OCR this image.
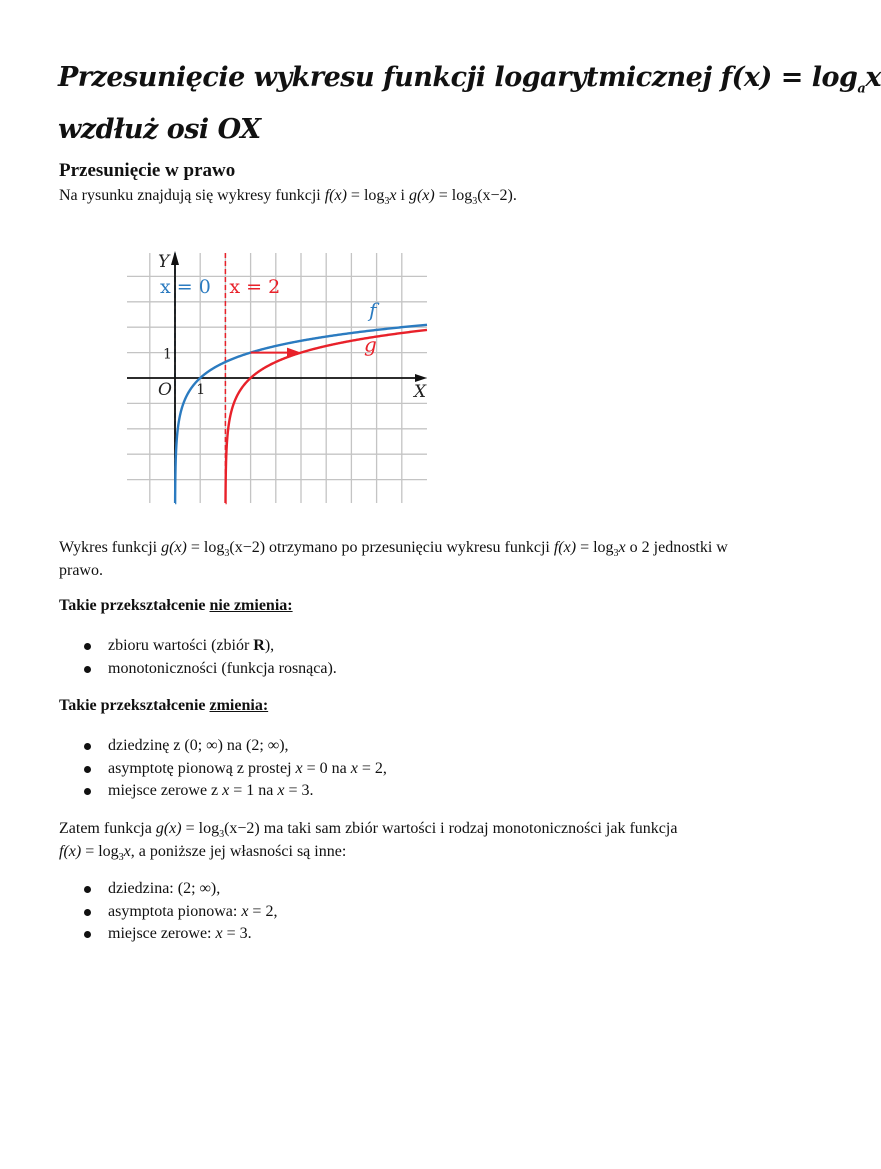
Przesunięcie wykresu funkcji logarytmicznej $f(x) = \log_ax$
wzdłuż osi OX
Przesunięcie w prawo
Na rysunku znajdują się wykresy funkcji $f(x) = \log_3x$ i $g(x) = \log_3(x-2)$.
Y
X
O 1
1
x = 0 x = 2
f
g
Wykres funkcji $g(x) = \log_3(x-2)$ otrzymano po przesunięciu wykresu funkcji $f(x) = \log_3x$ o 2 jednostki w
prawo.
Takie przekształcenie nie zmienia:
zbioru wartości (zbiór R),
monotoniczności (funkcja rosnąca).
Takie przekształcenie zmienia:
dziedzinę z (0; ∞) na (2; ∞),
asymptotę pionową z prostej x = 0 na x = 2,
miejsce zerowe z x = 1 na x = 3.
Zatem funkcja $g(x) = \log_3(x-2)$ ma taki sam zbiór wartości i rodzaj monotoniczności jak funkcja
$f(x) = \log_3x$, a poniższe jej własności są inne:
dziedzina: (2; ∞),
asymptota pionowa: x = 2,
miejsce zerowe: x = 3.
